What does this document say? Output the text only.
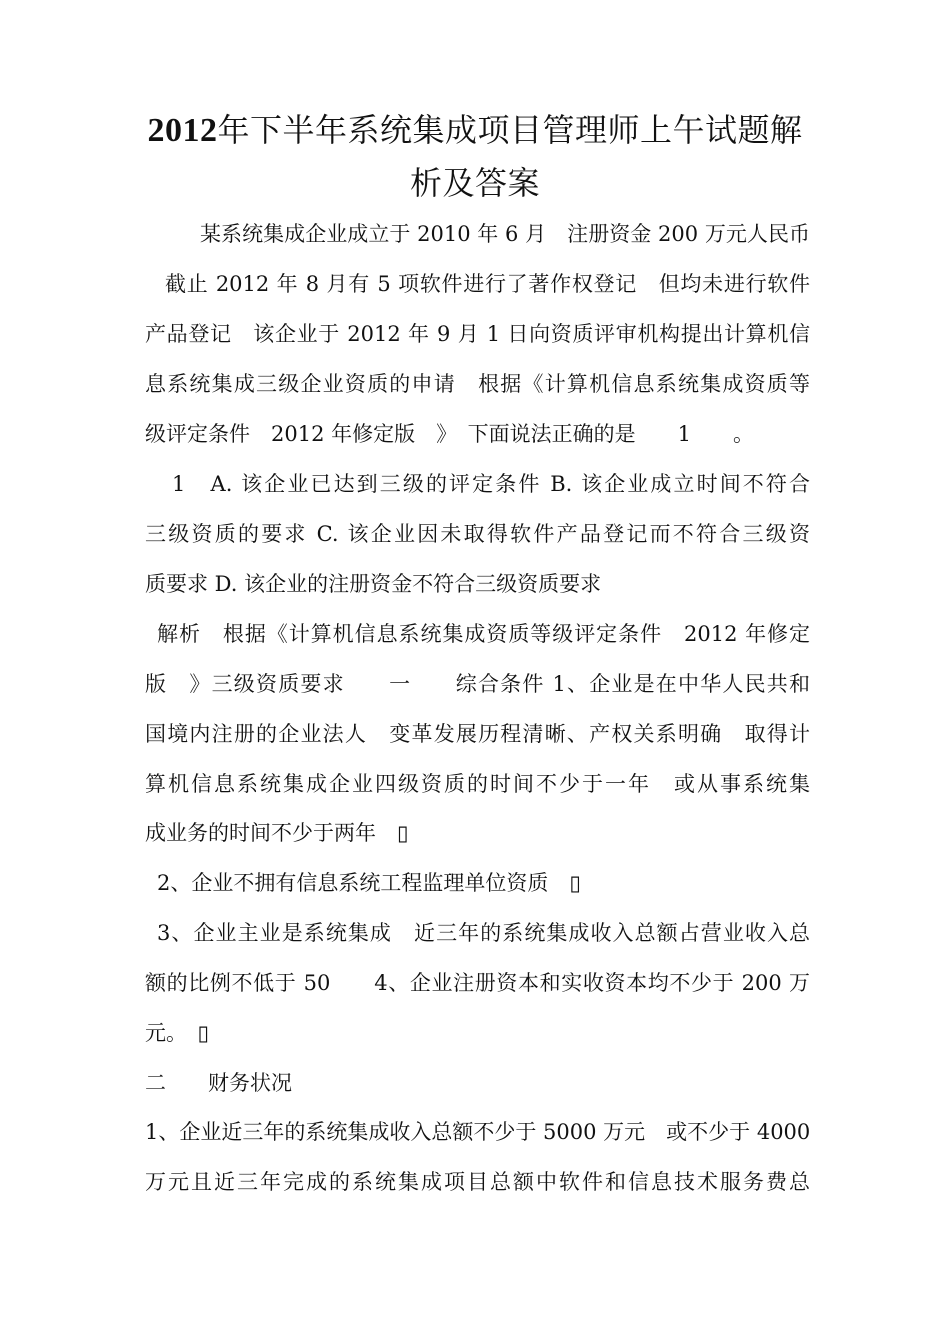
2012年下半年系统集成项目管理师上午试题解
析及答案
某系统集成企业成立于 2010 年 6 月　注册资金 200 万元人民币
截止 2012 年 8 月有 5 项软件进行了著作权登记　但均未进行软件
产品登记　该企业于 2012 年 9 月 1 日向资质评审机构提出计算机信
息系统集成三级企业资质的申请　根据《计算机信息系统集成资质等
级评定条件　2012 年修定版　》　下面说法正确的是　　1　　。
1　A. 该企业已达到三级的评定条件 B. 该企业成立时间不符合
三级资质的要求 C. 该企业因未取得软件产品登记而不符合三级资
质要求 D. 该企业的注册资金不符合三级资质要求
解析　根据《计算机信息系统集成资质等级评定条件　2012 年修定
版　》三级资质要求　　一　　综合条件 1、企业是在中华人民共和
国境内注册的企业法人　变革发展历程清晰、产权关系明确　取得计
算机信息系统集成企业四级资质的时间不少于一年　或从事系统集
成业务的时间不少于两年　▯
2、企业不拥有信息系统工程监理单位资质　▯
3、企业主业是系统集成　近三年的系统集成收入总额占营业收入总
额的比例不低于 50　　4、企业注册资本和实收资本均不少于 200 万
元。　▯
二　　财务状况
1、企业近三年的系统集成收入总额不少于 5000 万元　或不少于 4000
万元且近三年完成的系统集成项目总额中软件和信息技术服务费总
